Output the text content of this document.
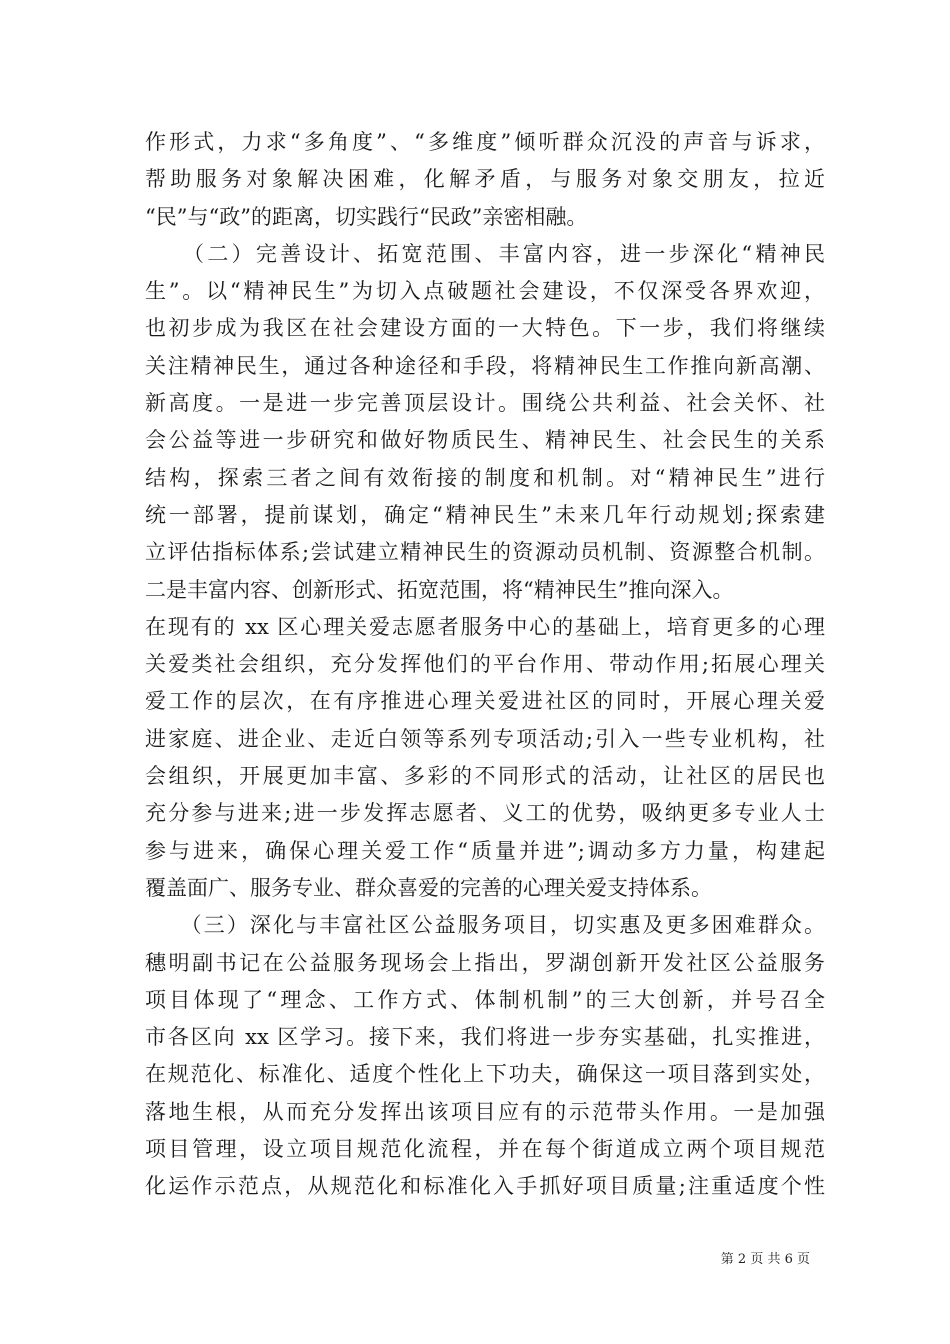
作形式，力求“多角度”、“多维度”倾听群众沉没的声音与诉求，
帮助服务对象解决困难，化解矛盾，与服务对象交朋友，拉近
“民”与“政”的距离，切实践行“民政”亲密相融。
　　（二）完善设计、拓宽范围、丰富内容，进一步深化“精神民
生”。以“精神民生”为切入点破题社会建设，不仅深受各界欢迎，
也初步成为我区在社会建设方面的一大特色。下一步，我们将继续
关注精神民生，通过各种途径和手段，将精神民生工作推向新高潮、
新高度。一是进一步完善顶层设计。围绕公共利益、社会关怀、社
会公益等进一步研究和做好物质民生、精神民生、社会民生的关系
结构，探索三者之间有效衔接的制度和机制。对“精神民生”进行
统一部署，提前谋划，确定“精神民生”未来几年行动规划;探索建
立评估指标体系;尝试建立精神民生的资源动员机制、资源整合机制。
二是丰富内容、创新形式、拓宽范围，将“精神民生”推向深入。
在现有的 xx 区心理关爱志愿者服务中心的基础上，培育更多的心理
关爱类社会组织，充分发挥他们的平台作用、带动作用;拓展心理关
爱工作的层次，在有序推进心理关爱进社区的同时，开展心理关爱
进家庭、进企业、走近白领等系列专项活动;引入一些专业机构，社
会组织，开展更加丰富、多彩的不同形式的活动，让社区的居民也
充分参与进来;进一步发挥志愿者、义工的优势，吸纳更多专业人士
参与进来，确保心理关爱工作“质量并进”;调动多方力量，构建起
覆盖面广、服务专业、群众喜爱的完善的心理关爱支持体系。
　　（三）深化与丰富社区公益服务项目，切实惠及更多困难群众。
穗明副书记在公益服务现场会上指出，罗湖创新开发社区公益服务
项目体现了“理念、工作方式、体制机制”的三大创新，并号召全
市各区向 xx 区学习。接下来，我们将进一步夯实基础，扎实推进，
在规范化、标准化、适度个性化上下功夫，确保这一项目落到实处，
落地生根，从而充分发挥出该项目应有的示范带头作用。一是加强
项目管理，设立项目规范化流程，并在每个街道成立两个项目规范
化运作示范点，从规范化和标准化入手抓好项目质量;注重适度个性
第 2 页 共 6 页
